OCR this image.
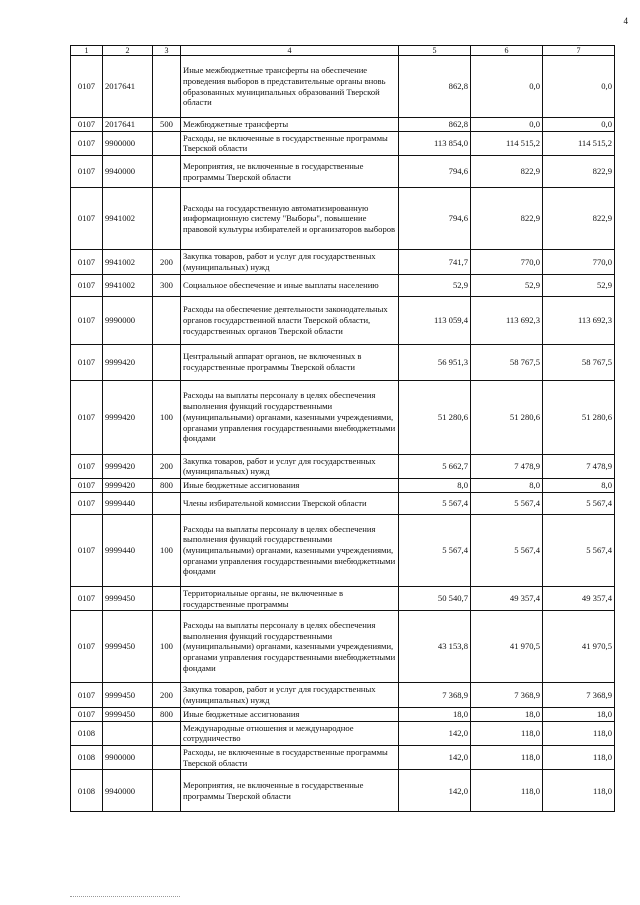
4
1	2	3	4	5	6	7
0107	2017641		Иные межбюджетные трансферты на обеспечение проведения выборов в представительные органы вновь образованных муниципальных образований Тверской области	862,8	0,0	0,0
0107	2017641	500	Межбюджетные трансферты	862,8	0,0	0,0
0107	9900000		Расходы, не включенные в государственные программы Тверской области	113 854,0	114 515,2	114 515,2
0107	9940000		Мероприятия, не включенные в государственные программы Тверской области	794,6	822,9	822,9
0107	9941002		Расходы на государственную автоматизированную информационную систему "Выборы", повышение правовой культуры избирателей и организаторов выборов	794,6	822,9	822,9
0107	9941002	200	Закупка товаров, работ и услуг для государственных (муниципальных) нужд	741,7	770,0	770,0
0107	9941002	300	Социальное обеспечение и иные выплаты населению	52,9	52,9	52,9
0107	9990000		Расходы на обеспечение деятельности законодательных органов государственной власти Тверской области, государственных органов Тверской области	113 059,4	113 692,3	113 692,3
0107	9999420		Центральный аппарат органов, не включенных в государственные программы Тверской области	56 951,3	58 767,5	58 767,5
0107	9999420	100	Расходы на выплаты персоналу в целях обеспечения выполнения функций государственными (муниципальными) органами, казенными учреждениями, органами управления государственными внебюджетными фондами	51 280,6	51 280,6	51 280,6
0107	9999420	200	Закупка товаров, работ и услуг для государственных (муниципальных) нужд	5 662,7	7 478,9	7 478,9
0107	9999420	800	Иные бюджетные ассигнования	8,0	8,0	8,0
0107	9999440		Члены избирательной комиссии Тверской области	5 567,4	5 567,4	5 567,4
0107	9999440	100	Расходы на выплаты персоналу в целях обеспечения выполнения функций государственными (муниципальными) органами, казенными учреждениями, органами управления государственными внебюджетными фондами	5 567,4	5 567,4	5 567,4
0107	9999450		Территориальные органы, не включенные в государственные программы	50 540,7	49 357,4	49 357,4
0107	9999450	100	Расходы на выплаты персоналу в целях обеспечения выполнения функций государственными (муниципальными) органами, казенными учреждениями, органами управления государственными внебюджетными фондами	43 153,8	41 970,5	41 970,5
0107	9999450	200	Закупка товаров, работ и услуг для государственных (муниципальных) нужд	7 368,9	7 368,9	7 368,9
0107	9999450	800	Иные бюджетные ассигнования	18,0	18,0	18,0
0108			Международные отношения и международное сотрудничество	142,0	118,0	118,0
0108	9900000		Расходы, не включенные в государственные программы Тверской области	142,0	118,0	118,0
0108	9940000		Мероприятия, не включенные в государственные программы Тверской области	142,0	118,0	118,0
